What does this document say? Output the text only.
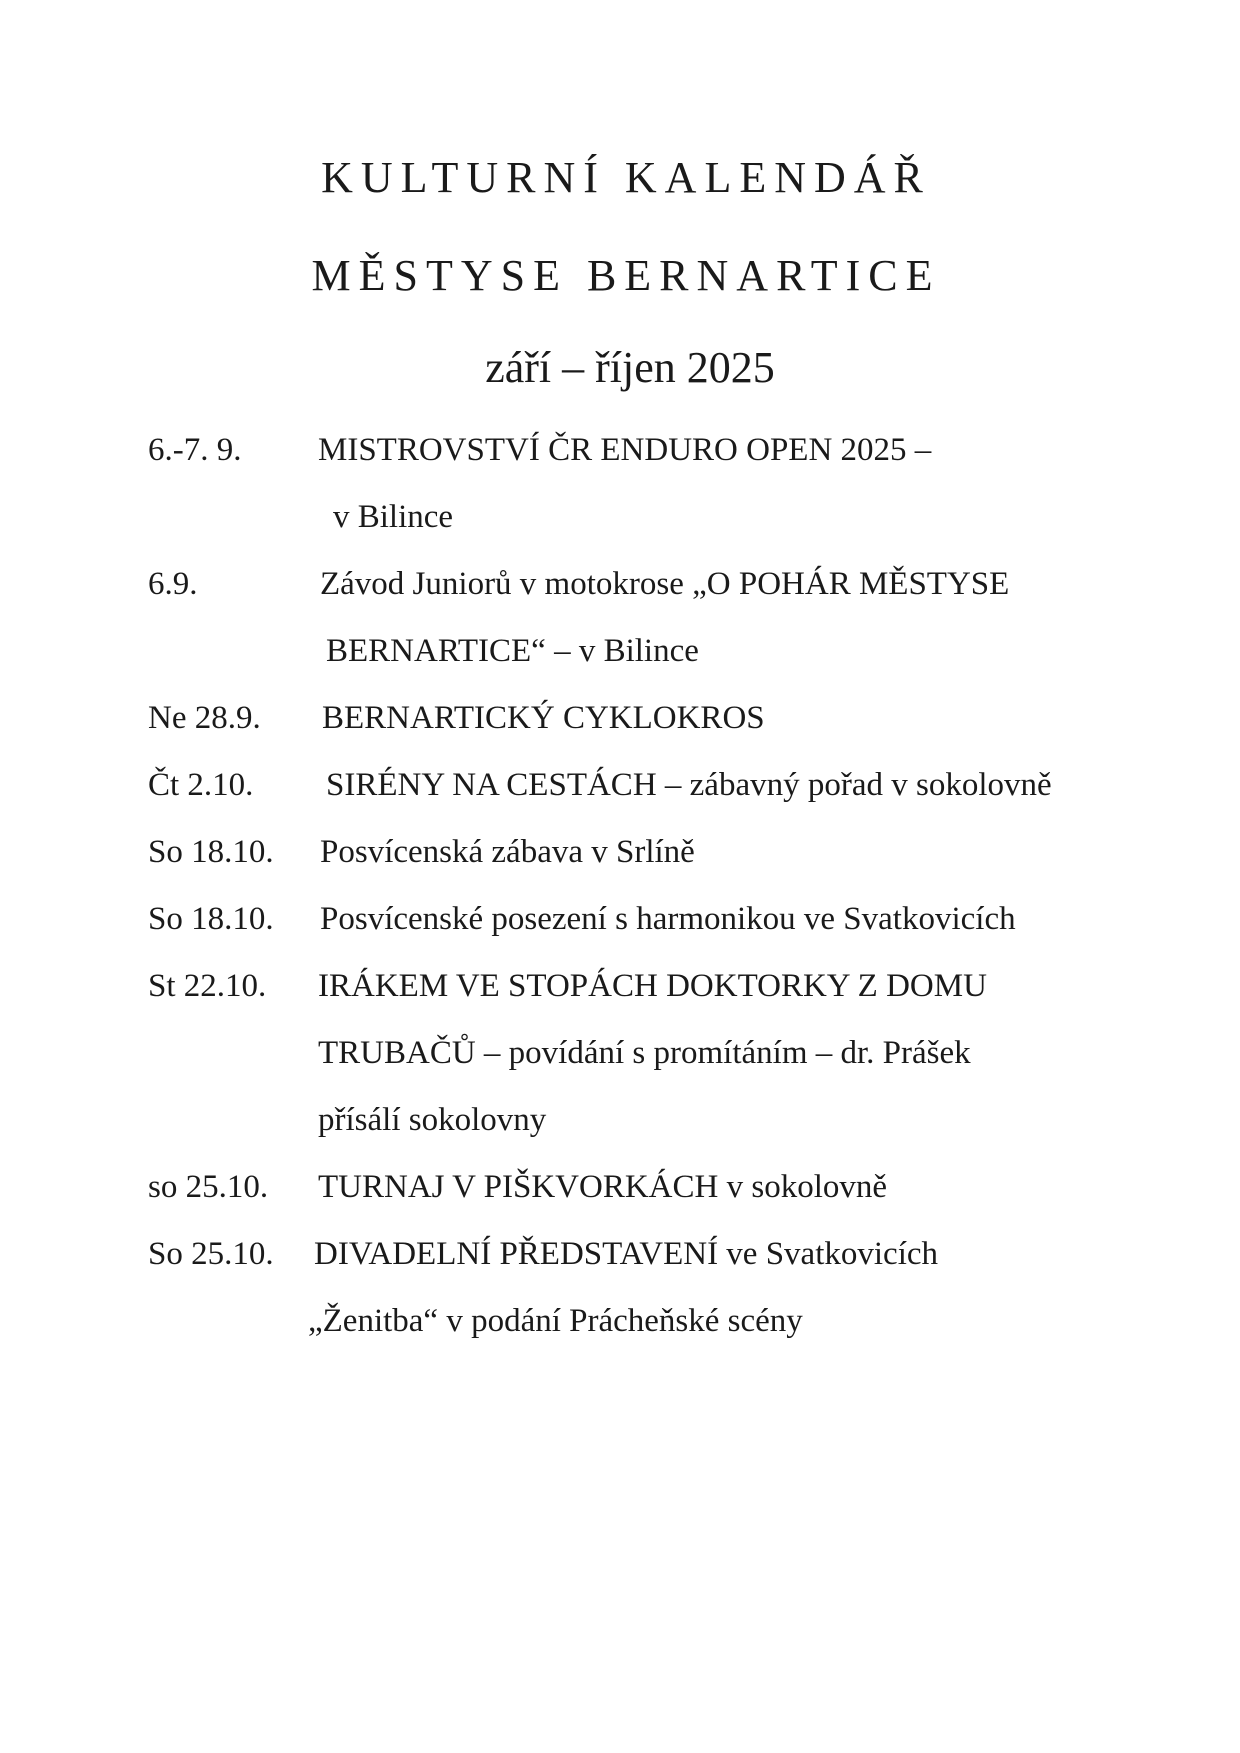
KULTURNÍ KALENDÁŘ
MĚSTYSE BERNARTICE
září – říjen 2025
6.-7. 9. MISTROVSTVÍ ČR ENDURO OPEN 2025 –
v Bilince
6.9.	Závod Juniorů v motokrose „O POHÁR MĚSTYSE
BERNARTICE“ – v Bilince
Ne 28.9. BERNARTICKÝ CYKLOKROS
Čt 2.10. SIRÉNY NA CESTÁCH – zábavný pořad v sokolovně
So 18.10. Posvícenská zábava v Srlíně
So 18.10. Posvícenské posezení s harmonikou ve Svatkovicích
St 22.10. IRÁKEM VE STOPÁCH DOKTORKY Z DOMU
TRUBAČŮ – povídání s promítáním – dr. Prášek
přísálí sokolovny
so 25.10. TURNAJ V PIŠKVORKÁCH v sokolovně
So 25.10. DIVADELNÍ PŘEDSTAVENÍ ve Svatkovicích
„Ženitba“ v podání Prácheňské scény
